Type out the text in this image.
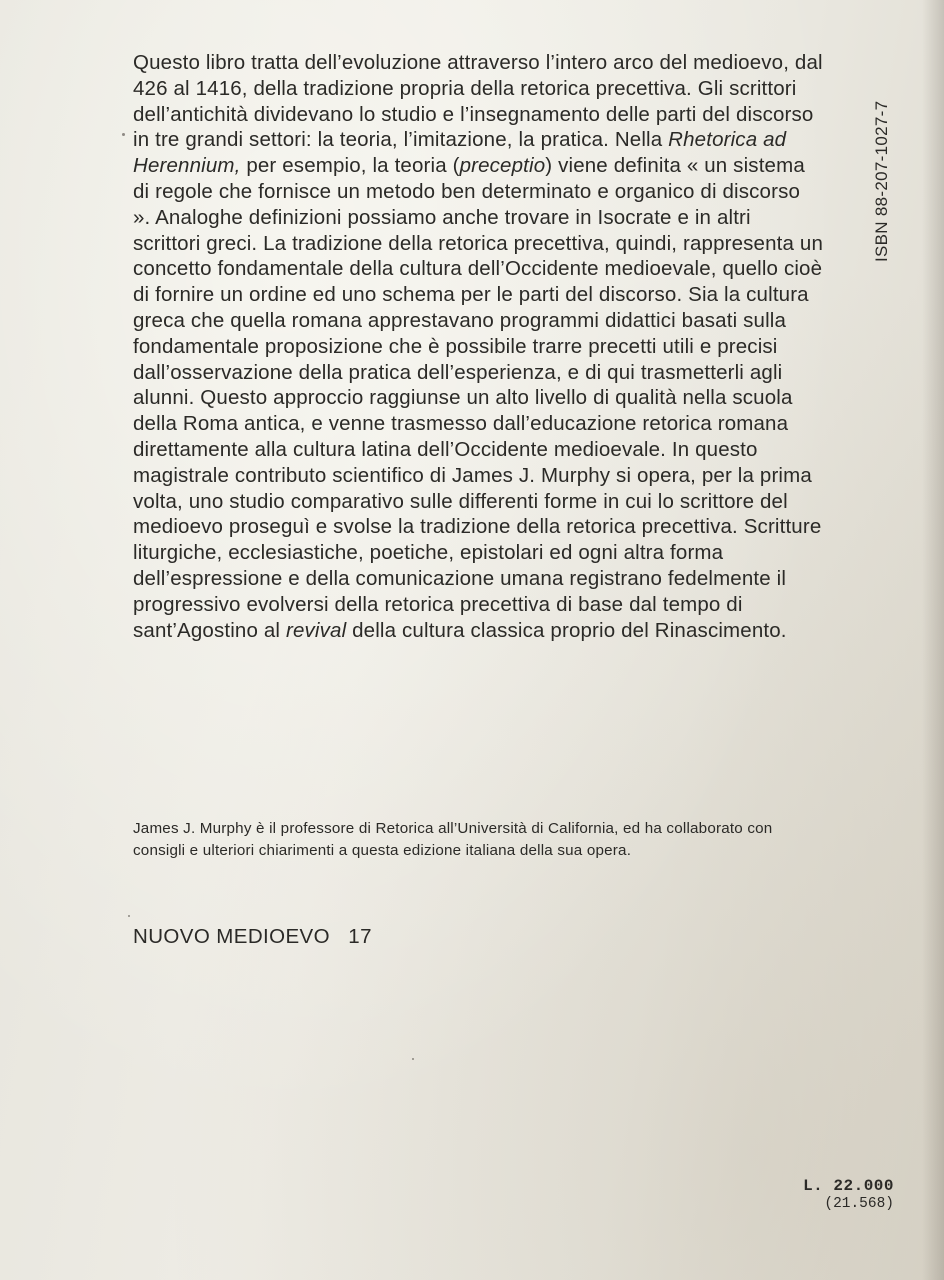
Questo libro tratta dell’evoluzione attraverso l’intero arco del medioevo, dal 426 al 1416, della tradizione propria della retorica precettiva. Gli scrittori dell’antichità dividevano lo studio e l’insegnamento delle parti del discorso in tre grandi settori: la teoria, l’imitazione, la pratica. Nella Rhetorica ad Herennium, per esempio, la teoria (preceptio) viene definita « un sistema di regole che fornisce un metodo ben determinato e organico di discorso ». Analoghe definizioni possiamo anche trovare in Isocrate e in altri scrittori greci. La tradizione della retorica precettiva, quindi, rappresenta un concetto fondamentale della cultura dell’Occidente medioevale, quello cioè di fornire un ordine ed uno schema per le parti del discorso. Sia la cultura greca che quella romana apprestavano programmi didattici basati sulla fondamentale proposizione che è possibile trarre precetti utili e precisi dall’osservazione della pratica dell’esperienza, e di qui trasmetterli agli alunni. Questo approccio raggiunse un alto livello di qualità nella scuola della Roma antica, e venne trasmesso dall’educazione retorica romana direttamente alla cultura latina dell’Occidente medioevale. In questo magistrale contributo scientifico di James J. Murphy si opera, per la prima volta, uno studio comparativo sulle differenti forme in cui lo scrittore del medioevo proseguì e svolse la tradizione della retorica precettiva. Scritture liturgiche, ecclesiastiche, poetiche, epistolari ed ogni altra forma dell’espressione e della comunicazione umana registrano fedelmente il progressivo evolversi della retorica precettiva di base dal tempo di sant’Agostino al revival della cultura classica proprio del Rinascimento.

James J. Murphy è il professore di Retorica all’Università di California, ed ha collaborato con consigli e ulteriori chiarimenti a questa edizione italiana della sua opera.

NUOVO MEDIOEVO 17

ISBN 88-207-1027-7
L. 22.000
(21.568)
